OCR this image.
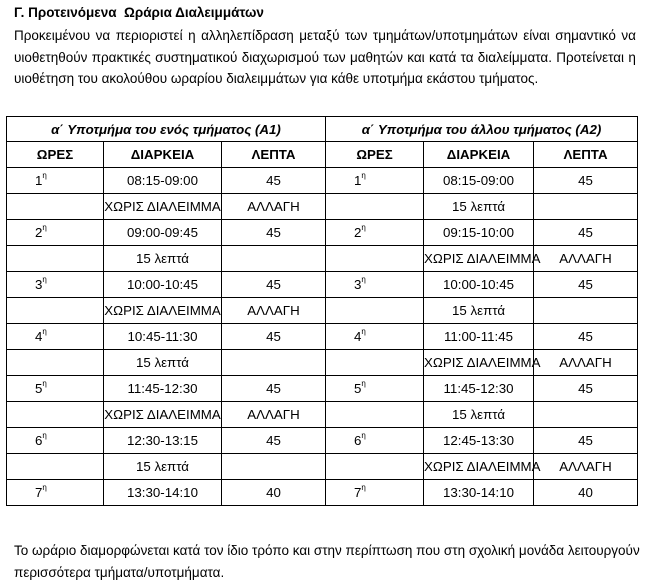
Γ. Προτεινόμενα  Ωράρια Διαλειμμάτων
Προκειμένου να περιοριστεί η αλληλεπίδραση μεταξύ των τμημάτων/υποτμημάτων είναι σημαντικό να
υιοθετηθούν πρακτικές συστηματικού διαχωρισμού των μαθητών και κατά τα διαλείμματα. Προτείνεται η
υιοθέτηση του ακολούθου ωραρίου διαλειμμάτων για κάθε υποτμήμα εκάστου τμήματος.
α΄ Υποτμήμα του ενός τμήματος (Α1)			α΄ Υποτμήμα του άλλου τμήματος (Α2)		
ΩΡΕΣ	ΔΙΑΡΚΕΙΑ	ΛΕΠΤΑ	ΩΡΕΣ	ΔΙΑΡΚΕΙΑ	ΛΕΠΤΑ
$1^\eta$	08:15-09:00	45	$1^\eta$	08:15-09:00	45
	ΧΩΡΙΣ ΔΙΑΛΕΙΜΜΑ	ΑΛΛΑΓΗ		15 λεπτά	
$2^\eta$	09:00-09:45	45	$2^\eta$	09:15-10:00	45
	15 λεπτά			ΧΩΡΙΣ ΔΙΑΛΕΙΜΜΑ	ΑΛΛΑΓΗ
$3^\eta$	10:00-10:45	45	$3^\eta$	10:00-10:45	45
	ΧΩΡΙΣ ΔΙΑΛΕΙΜΜΑ	ΑΛΛΑΓΗ		15 λεπτά	
$4^\eta$	10:45-11:30	45	$4^\eta$	11:00-11:45	45
	15 λεπτά			ΧΩΡΙΣ ΔΙΑΛΕΙΜΜΑ	ΑΛΛΑΓΗ
$5^\eta$	11:45-12:30	45	$5^\eta$	11:45-12:30	45
	ΧΩΡΙΣ ΔΙΑΛΕΙΜΜΑ	ΑΛΛΑΓΗ		15 λεπτά	
$6^\eta$	12:30-13:15	45	$6^\eta$	12:45-13:30	45
	15 λεπτά			ΧΩΡΙΣ ΔΙΑΛΕΙΜΜΑ	ΑΛΛΑΓΗ
$7^\eta$	13:30-14:10	40	$7^\eta$	13:30-14:10	40
Το ωράριο διαμορφώνεται κατά τον ίδιο τρόπο και στην περίπτωση που στη σχολική μονάδα λειτουργούν
περισσότερα τμήματα/υποτμήματα.
